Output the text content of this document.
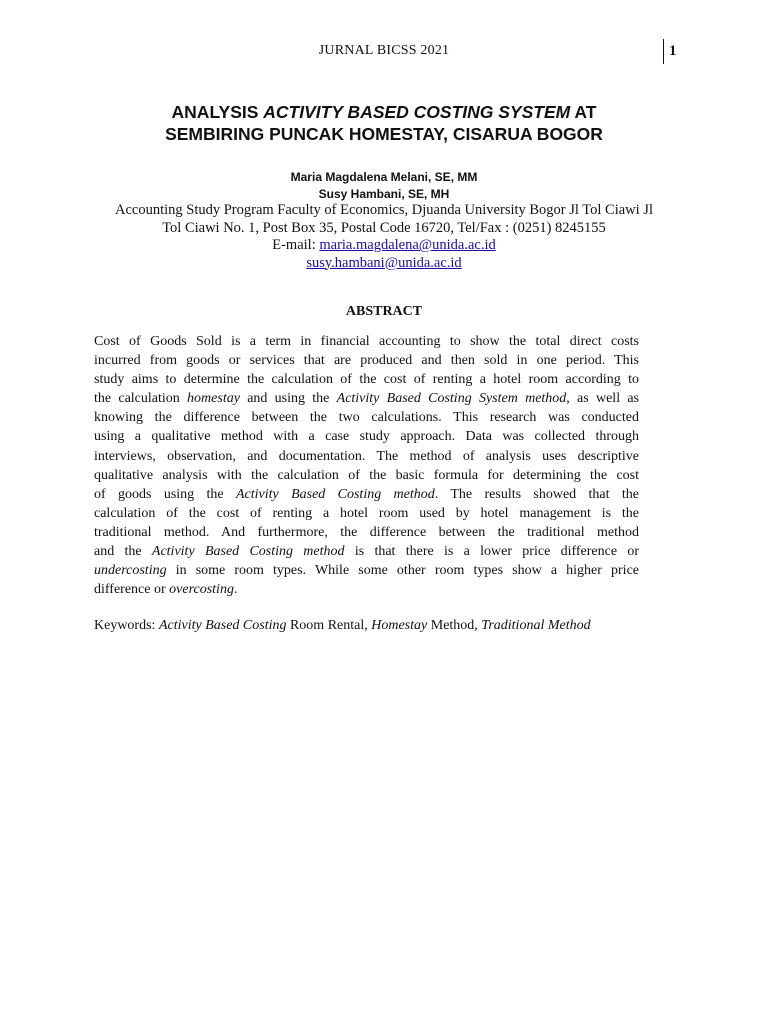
JURNAL BICSS 2021	1
ANALYSIS ACTIVITY BASED COSTING SYSTEM AT
SEMBIRING PUNCAK HOMESTAY, CISARUA BOGOR
Maria Magdalena Melani, SE, MM
Susy Hambani, SE, MH
Accounting Study Program Faculty of Economics, Djuanda University Bogor Jl Tol Ciawi Jl
Tol Ciawi No. 1, Post Box 35, Postal Code 16720, Tel/Fax : (0251) 8245155
E-mail: maria.magdalena@unida.ac.id
susy.hambani@unida.ac.id
ABSTRACT
Cost of Goods Sold is a term in financial accounting to show the total direct costs
incurred from goods or services that are produced and then sold in one period. This
study aims to determine the calculation of the cost of renting a hotel room according to
the calculation homestay and using the Activity Based Costing System method, as well as
knowing the difference between the two calculations. This research was conducted
using a qualitative method with a case study approach. Data was collected through
interviews, observation, and documentation. The method of analysis uses descriptive
qualitative analysis with the calculation of the basic formula for determining the cost
of goods using the Activity Based Costing method. The results showed that the
calculation of the cost of renting a hotel room used by hotel management is the
traditional method. And furthermore, the difference between the traditional method
and the Activity Based Costing method is that there is a lower price difference or
undercosting in some room types. While some other room types show a higher price
difference or overcosting.
Keywords: Activity Based Costing Room Rental, Homestay Method, Traditional Method
